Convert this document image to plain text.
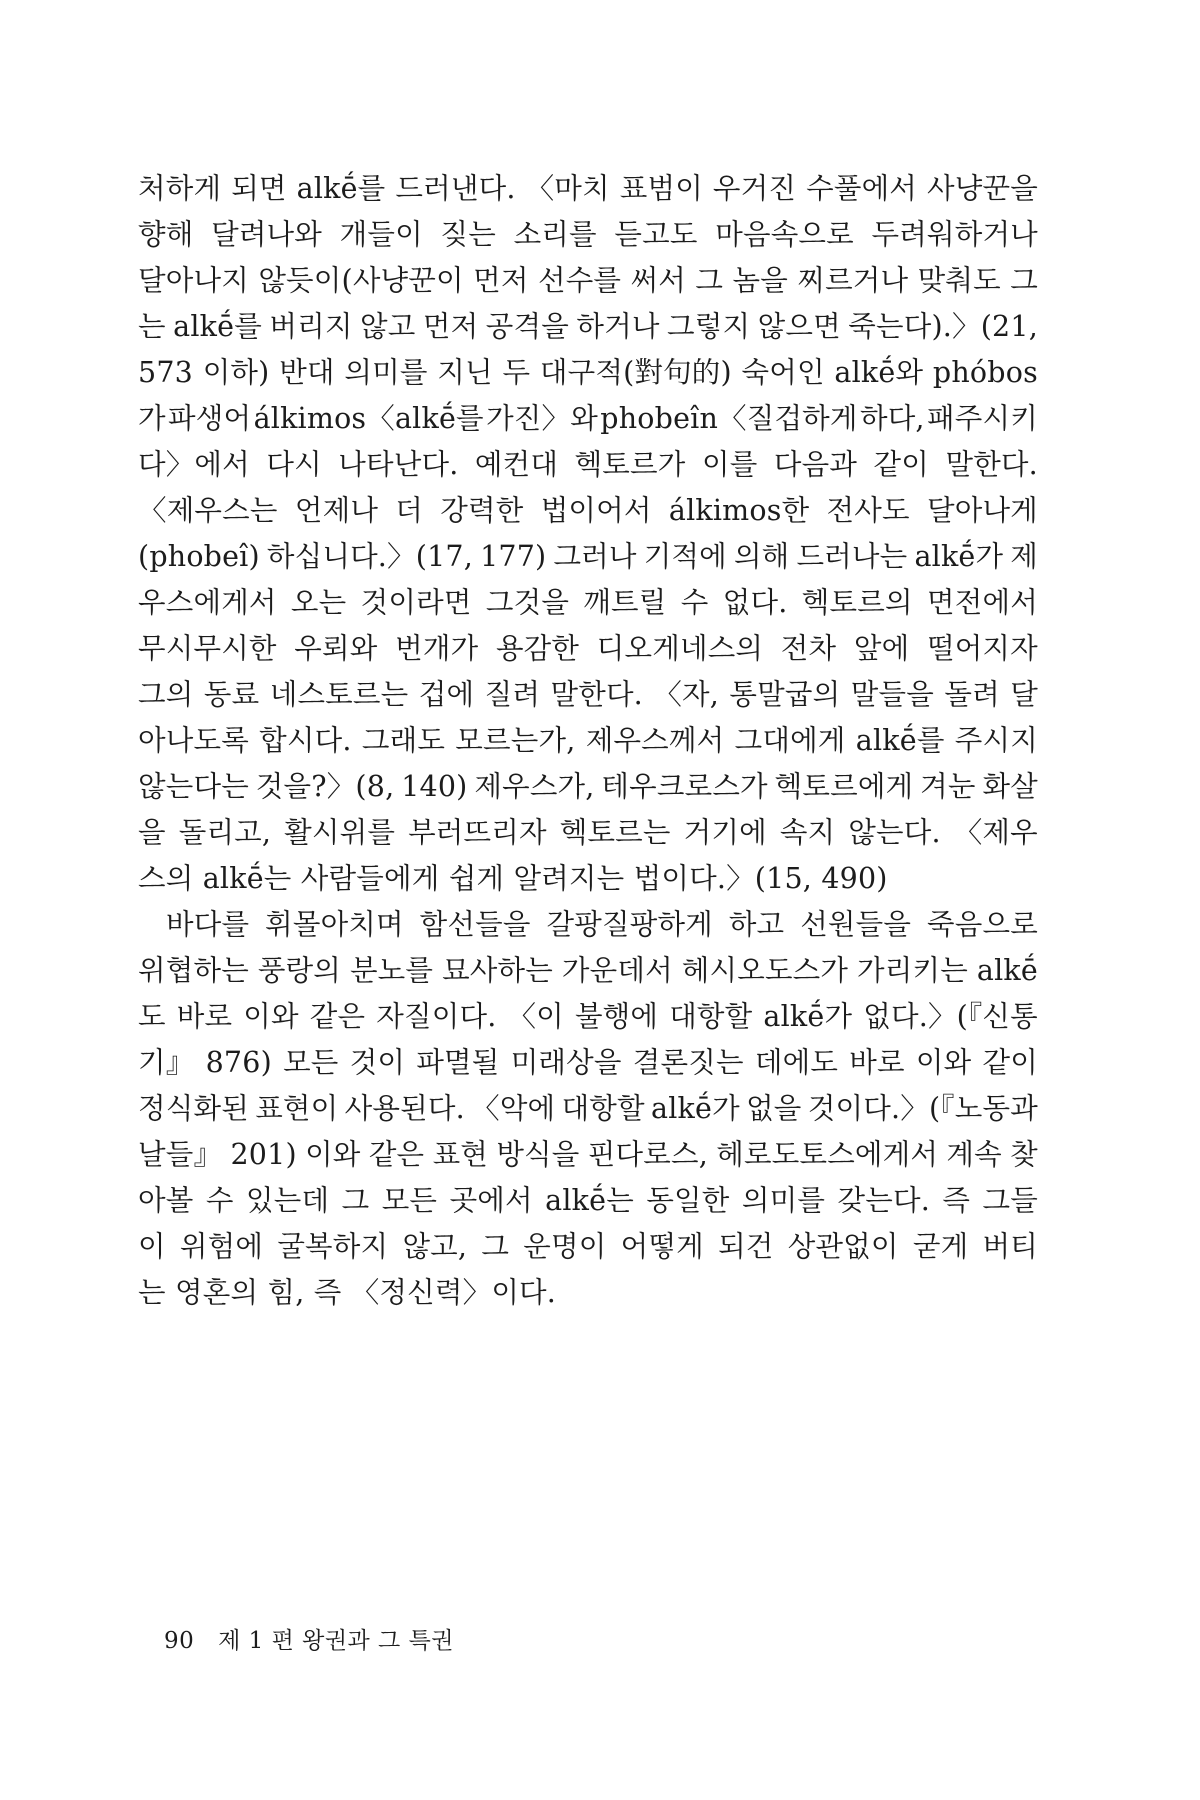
처하게 되면 alkḗ를 드러낸다. 〈마치 표범이 우거진 수풀에서 사냥꾼을
향해 달려나와 개들이 짖는 소리를 듣고도 마음속으로 두려워하거나
달아나지 않듯이(사냥꾼이 먼저 선수를 써서 그 놈을 찌르거나 맞춰도 그
는 alkḗ를 버리지 않고 먼저 공격을 하거나 그렇지 않으면 죽는다).〉(21,
573 이하) 반대 의미를 지닌 두 대구적(對句的) 숙어인 alkḗ와 phóbos
가 파생어 álkimos〈alkḗ를 가진〉와 phobeîn〈질겁하게 하다, 패주시키
다〉에서 다시 나타난다. 예컨대 헥토르가 이를 다음과 같이 말한다.
〈제우스는 언제나 더 강력한 법이어서 álkimos한 전사도 달아나게
(phobeî) 하십니다.〉(17, 177) 그러나 기적에 의해 드러나는 alkḗ가 제
우스에게서 오는 것이라면 그것을 깨트릴 수 없다. 헥토르의 면전에서
무시무시한 우뢰와 번개가 용감한 디오게네스의 전차 앞에 떨어지자
그의 동료 네스토르는 겁에 질려 말한다. 〈자, 통말굽의 말들을 돌려 달
아나도록 합시다. 그래도 모르는가, 제우스께서 그대에게 alkḗ를 주시지
않는다는 것을?〉(8, 140) 제우스가, 테우크로스가 헥토르에게 겨눈 화살
을 돌리고, 활시위를 부러뜨리자 헥토르는 거기에 속지 않는다. 〈제우
스의
alkḗ는
사람들에게
쉽게
알려지는
법이다.〉(15,
490)

바다를 휘몰아치며 함선들을 갈팡질팡하게 하고 선원들을 죽음으로
위협하는 풍랑의 분노를 묘사하는 가운데서 헤시오도스가 가리키는 alkḗ
도 바로 이와 같은 자질이다. 〈이 불행에 대항할 alkḗ가 없다.〉(『신통
기』 876) 모든 것이 파멸될 미래상을 결론짓는 데에도 바로 이와 같이
정식화된 표현이 사용된다. 〈악에 대항할 alkḗ가 없을 것이다.〉(『노동과
날들』 201) 이와 같은 표현 방식을 핀다로스, 헤로도토스에게서 계속 찾
아볼 수 있는데 그 모든 곳에서 alkḗ는 동일한 의미를 갖는다. 즉 그들
이 위험에 굴복하지 않고, 그 운명이 어떻게 되건 상관없이 굳게 버티
는
영혼의
힘,
즉
〈정신력〉이다.

90 제 1 편 왕권과 그 특권
